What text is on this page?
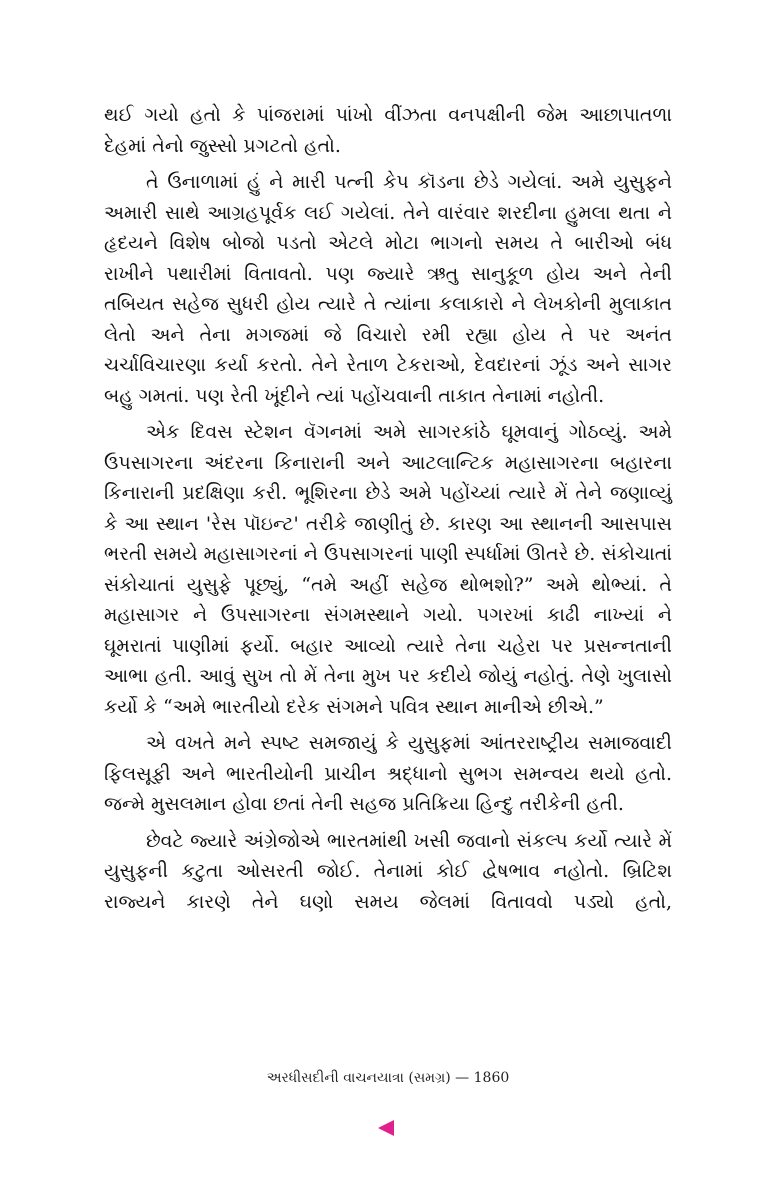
થઈ ગયો હતો કે પાંજરામાં પાંખો વીંઝતા વનપક્ષીની જેમ આછાપાતળા દેહમાં તેનો જુસ્સો પ્રગટતો હતો.

તે ઉનાળામાં હું ને મારી પત્ની કેપ કૉડના છેડે ગયેલાં. અમે યુસુફને અમારી સાથે આગ્રહપૂર્વક લઈ ગયેલાં. તેને વારંવાર શરદીના હુમલા થતા ને હૃદયને વિશેષ બોજો પડતો એટલે મોટા ભાગનો સમય તે બારીઓ બંધ રાખીને પથારીમાં વિતાવતો. પણ જ્યારે ઋતુ સાનુકૂળ હોય અને તેની તબિયત સહેજ સુધરી હોય ત્યારે તે ત્યાંના કલાકારો ને લેખકોની મુલાકાત લેતો અને તેના મગજમાં જે વિચારો રમી રહ્યા હોય તે પર અનંત ચર્ચાવિચારણા કર્યા કરતો. તેને રેતાળ ટેકરાઓ, દેવદારનાં ઝૂંડ અને સાગર બહુ ગમતાં. પણ રેતી ખૂંદીને ત્યાં પહોંચવાની તાકાત તેનામાં નહોતી.

એક દિવસ સ્ટેશન વૅગનમાં અમે સાગરકાંઠે ઘૂમવાનું ગોઠવ્યું. અમે ઉપસાગરના અંદરના કિનારાની અને આટલાન્ટિક મહાસાગરના બહારના કિનારાની પ્રદક્ષિણા કરી. ભૂશિરના છેડે અમે પહોંચ્યાં ત્યારે મેં તેને જણાવ્યું કે આ સ્થાન 'રેસ પૉઇન્ટ' તરીકે જાણીતું છે. કારણ આ સ્થાનની આસપાસ ભરતી સમયે મહાસાગરનાં ને ઉપસાગરનાં પાણી સ્પર્ધામાં ઊતરે છે. સંકોચાતાં સંકોચાતાં યુસુફે પૂછ્યું, “તમે અહીં સહેજ થોભશો?” અમે થોભ્યાં. તે મહાસાગર ને ઉપસાગરના સંગમસ્થાને ગયો. પગરખાં કાઢી નાખ્યાં ને ઘૂમરાતાં પાણીમાં ફર્યો. બહાર આવ્યો ત્યારે તેના ચહેરા પર પ્રસન્નતાની આભા હતી. આવું સુખ તો મેં તેના મુખ પર કદીયે જોયું નહોતું. તેણે ખુલાસો કર્યો કે “અમે ભારતીયો દરેક સંગમને પવિત્ર સ્થાન માનીએ છીએ.”

એ વખતે મને સ્પષ્ટ સમજાયું કે યુસુફમાં આંતરરાષ્ટ્રીય સમાજવાદી ફિલસૂફી અને ભારતીયોની પ્રાચીન શ્રદ્ધાનો સુભગ સમન્વય થયો હતો. જન્મે મુસલમાન હોવા છતાં તેની સહજ પ્રતિક્રિયા હિન્દુ તરીકેની હતી.

છેવટે જ્યારે અંગ્રેજોએ ભારતમાંથી ખસી જવાનો સંકલ્પ કર્યો ત્યારે મેં યુસુફની કટુતા ઓસરતી જોઈ. તેનામાં કોઈ દ્વેષભાવ નહોતો. બ્રિટિશ રાજ્યને કારણે તેને ઘણો સમય જેલમાં વિતાવવો પડ્યો હતો,

અરધીસદીની વાચનયાત્રા (સમગ્ર) — 1860
